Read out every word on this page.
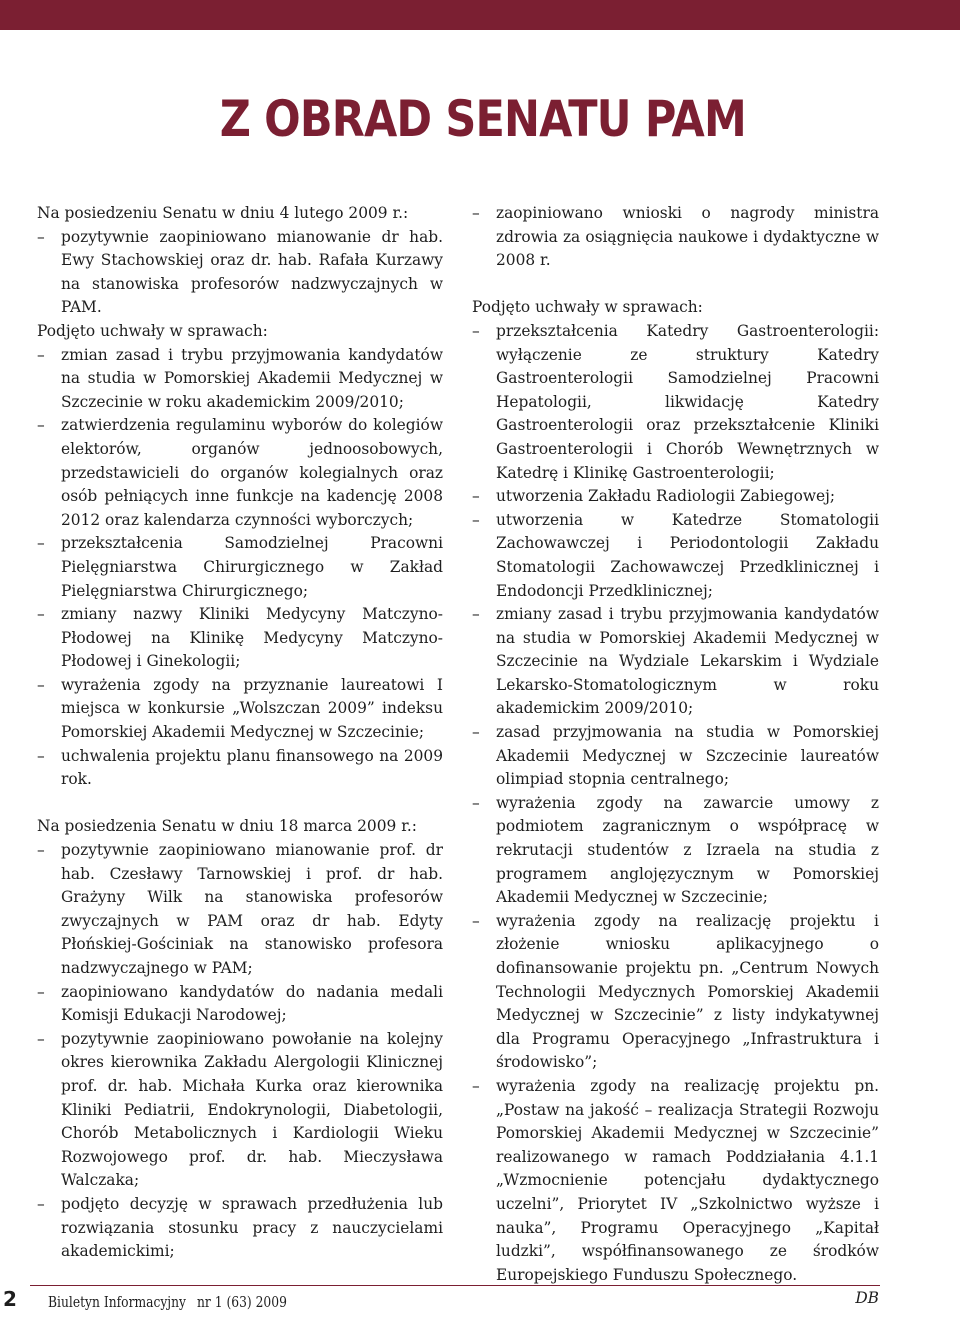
Z OBRAD SENATU PAM

Na posiedzeniu Senatu w dniu 4 lutego 2009 r.:

– pozytywnie zaopiniowano mianowanie dr hab. Ewy Stachowskiej oraz dr. hab. Rafała Kurzawy na stanowiska profesorów nadzwyczajnych w PAM.

Podjęto uchwały w sprawach:

– zmian zasad i trybu przyjmowania kandydatów na studia w Pomorskiej Akademii Medycznej w Szczecinie w roku akademickim 2009/2010;
– zatwierdzenia regulaminu wyborów do kolegiów elektorów, organów jednoosobowych, przedstawicieli do organów kolegialnych oraz osób pełniących inne funkcje na kadencję 2008 2012 oraz kalendarza czynności wyborczych;
– przekształcenia Samodzielnej Pracowni Pielęgniarstwa Chirurgicznego w Zakład Pielęgniarstwa Chirurgicznego;
– zmiany nazwy Kliniki Medycyny Matczyno-Płodowej na Klinikę Medycyny Matczyno-Płodowej i Ginekologii;
– wyrażenia zgody na przyznanie laureatowi I miejsca w konkursie „Wolszczan 2009” indeksu Pomorskiej Akademii Medycznej w Szczecinie;
– uchwalenia projektu planu finansowego na 2009 rok.

Na posiedzenia Senatu w dniu 18 marca 2009 r.:

– pozytywnie zaopiniowano mianowanie prof. dr hab. Czesławy Tarnowskiej i prof. dr hab. Grażyny Wilk na stanowiska profesorów zwyczajnych w PAM oraz dr hab. Edyty Płońskiej-Gościniak na stanowisko profesora nadzwyczajnego w PAM;
– zaopiniowano kandydatów do nadania medali Komisji Edukacji Narodowej;
– pozytywnie zaopiniowano powołanie na kolejny okres kierownika Zakładu Alergologii Klinicznej prof. dr. hab. Michała Kurka oraz kierownika Kliniki Pediatrii, Endokrynologii, Diabetologii, Chorób Metabolicznych i Kardiologii Wieku Rozwojowego prof. dr. hab. Mieczysława Walczaka;
– podjęto decyzję w sprawach przedłużenia lub rozwiązania stosunku pracy z nauczycielami akademickimi;
– zaopiniowano wnioski o nagrody ministra zdrowia za osiągnięcia naukowe i dydaktyczne w 2008 r.

Podjęto uchwały w sprawach:

– przekształcenia Katedry Gastroenterologii: wyłączenie ze struktury Katedry Gastroenterologii Samodzielnej Pracowni Hepatologii, likwidację Katedry Gastroenterologii oraz przekształcenie Kliniki Gastroenterologii i Chorób Wewnętrznych w Katedrę i Klinikę Gastroenterologii;
– utworzenia Zakładu Radiologii Zabiegowej;
– utworzenia w Katedrze Stomatologii Zachowawczej i Periodontologii Zakładu Stomatologii Zachowawczej Przedklinicznej i Endodoncji Przedklinicznej;
– zmiany zasad i trybu przyjmowania kandydatów na studia w Pomorskiej Akademii Medycznej w Szczecinie na Wydziale Lekarskim i Wydziale Lekarsko-Stomatologicznym w roku akademickim 2009/2010;
– zasad przyjmowania na studia w Pomorskiej Akademii Medycznej w Szczecinie laureatów olimpiad stopnia centralnego;
– wyrażenia zgody na zawarcie umowy z podmiotem zagranicznym o współpracę w rekrutacji studentów z Izraela na studia z programem anglojęzycznym w Pomorskiej Akademii Medycznej w Szczecinie;
– wyrażenia zgody na realizację projektu i złożenie wniosku aplikacyjnego o dofinansowanie projektu pn. „Centrum Nowych Technologii Medycznych Pomorskiej Akademii Medycznej w Szczecinie” z listy indykatywnej dla Programu Operacyjnego „Infrastruktura i środowisko”;
– wyrażenia zgody na realizację projektu pn. „Postaw na jakość – realizacja Strategii Rozwoju Pomorskiej Akademii Medycznej w Szczecinie” realizowanego w ramach Poddziałania 4.1.1 „Wzmocnienie potencjału dydaktycznego uczelni”, Priorytet IV „Szkolnictwo wyższe i nauka”, Programu Operacyjnego „Kapitał ludzki”, współfinansowanego ze środków Europejskiego Funduszu Społecznego.

DB

2 Biuletyn Informacyjny nr 1 (63) 2009
